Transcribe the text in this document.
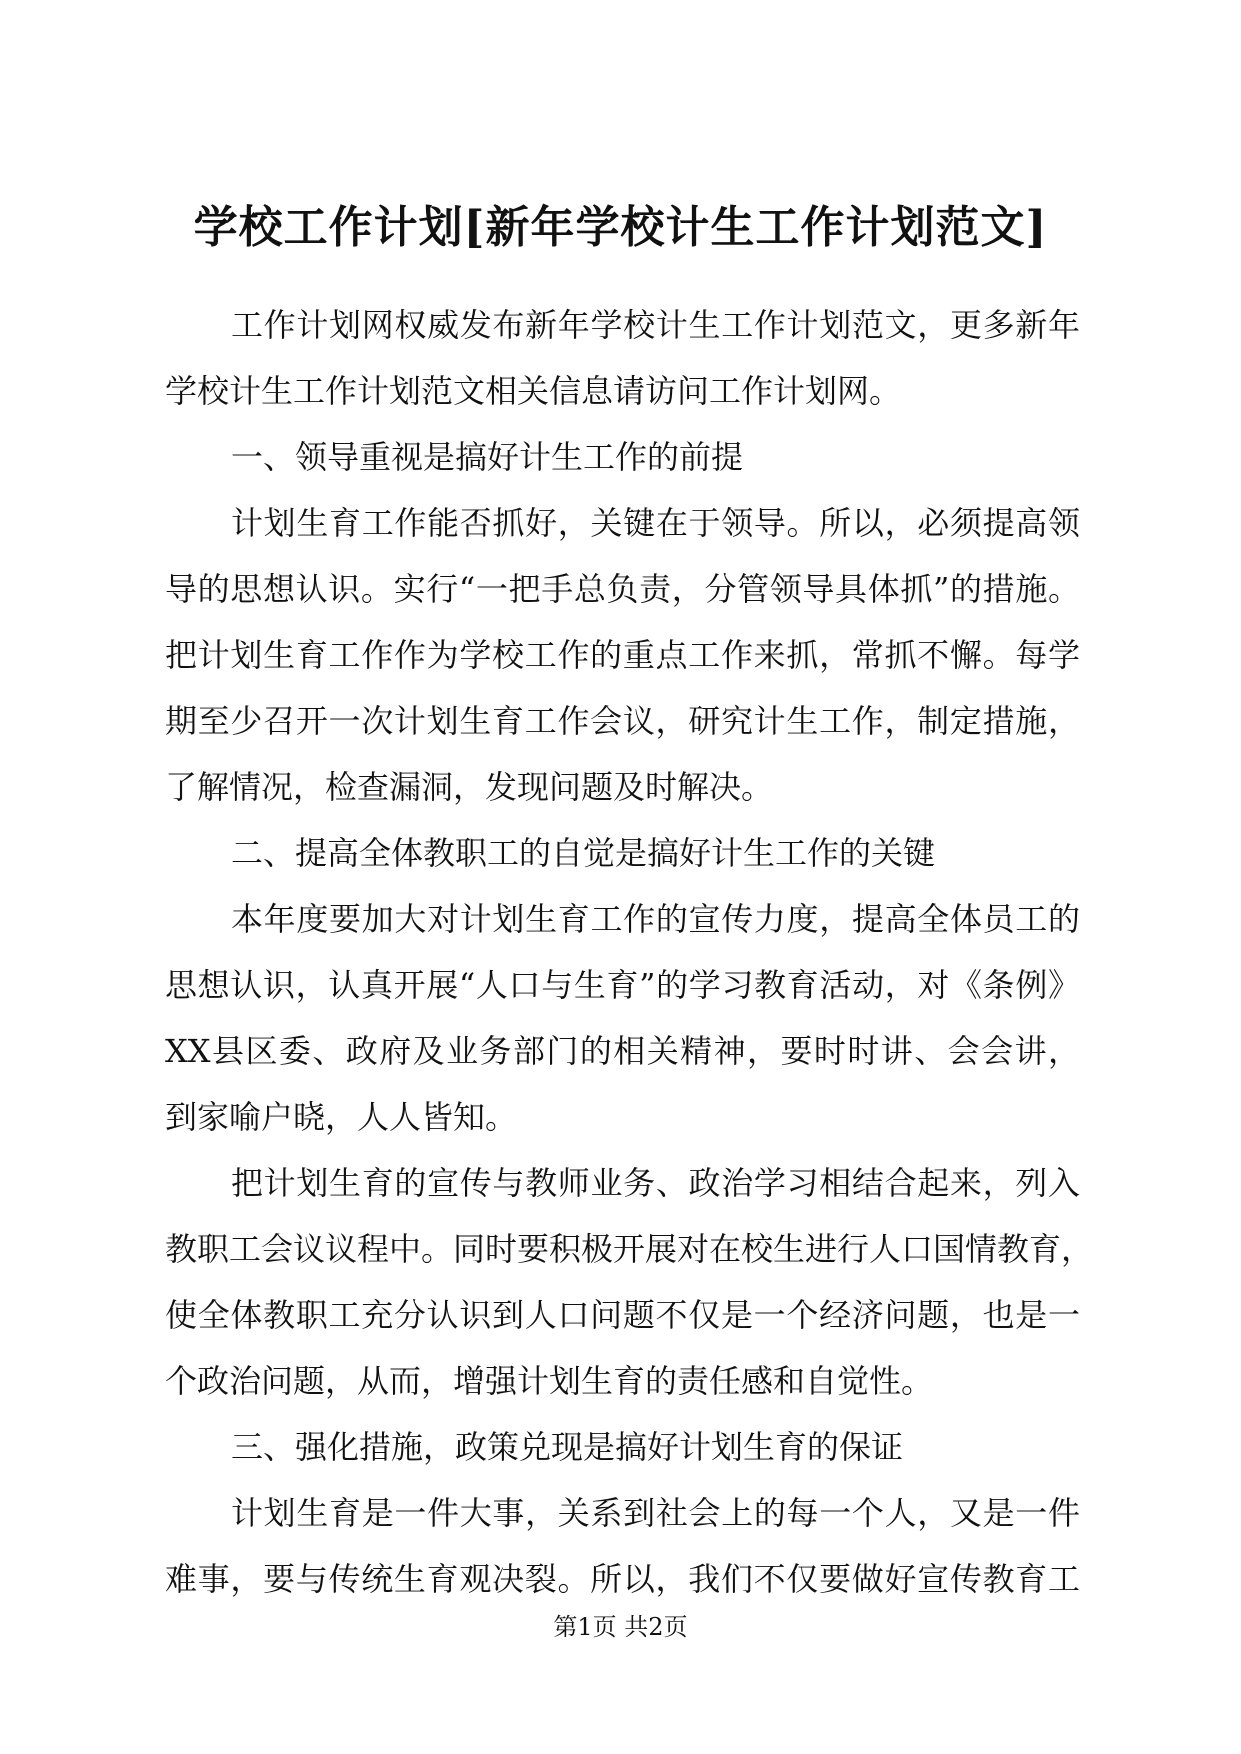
学校工作计划[新年学校计生工作计划范文]
工作计划网权威发布新年学校计生工作计划范文，更多新年
学校计生工作计划范文相关信息请访问工作计划网。
一、领导重视是搞好计生工作的前提
计划生育工作能否抓好，关键在于领导。所以，必须提高领
导的思想认识。实行“一把手总负责，分管领导具体抓”的措施。
把计划生育工作作为学校工作的重点工作来抓，常抓不懈。每学
期至少召开一次计划生育工作会议，研究计生工作，制定措施，
了解情况，检查漏洞，发现问题及时解决。
二、提高全体教职工的自觉是搞好计生工作的关键
本年度要加大对计划生育工作的宣传力度，提高全体员工的
思想认识，认真开展“人口与生育”的学习教育活动，对《条例》
XX县区委、政府及业务部门的相关精神，要时时讲、会会讲，
到家喻户晓，人人皆知。
把计划生育的宣传与教师业务、政治学习相结合起来，列入
教职工会议议程中。同时要积极开展对在校生进行人口国情教育，
使全体教职工充分认识到人口问题不仅是一个经济问题，也是一
个政治问题，从而，增强计划生育的责任感和自觉性。
三、强化措施，政策兑现是搞好计划生育的保证
计划生育是一件大事，关系到社会上的每一个人，又是一件
难事，要与传统生育观决裂。所以，我们不仅要做好宣传教育工
第1页 共2页
